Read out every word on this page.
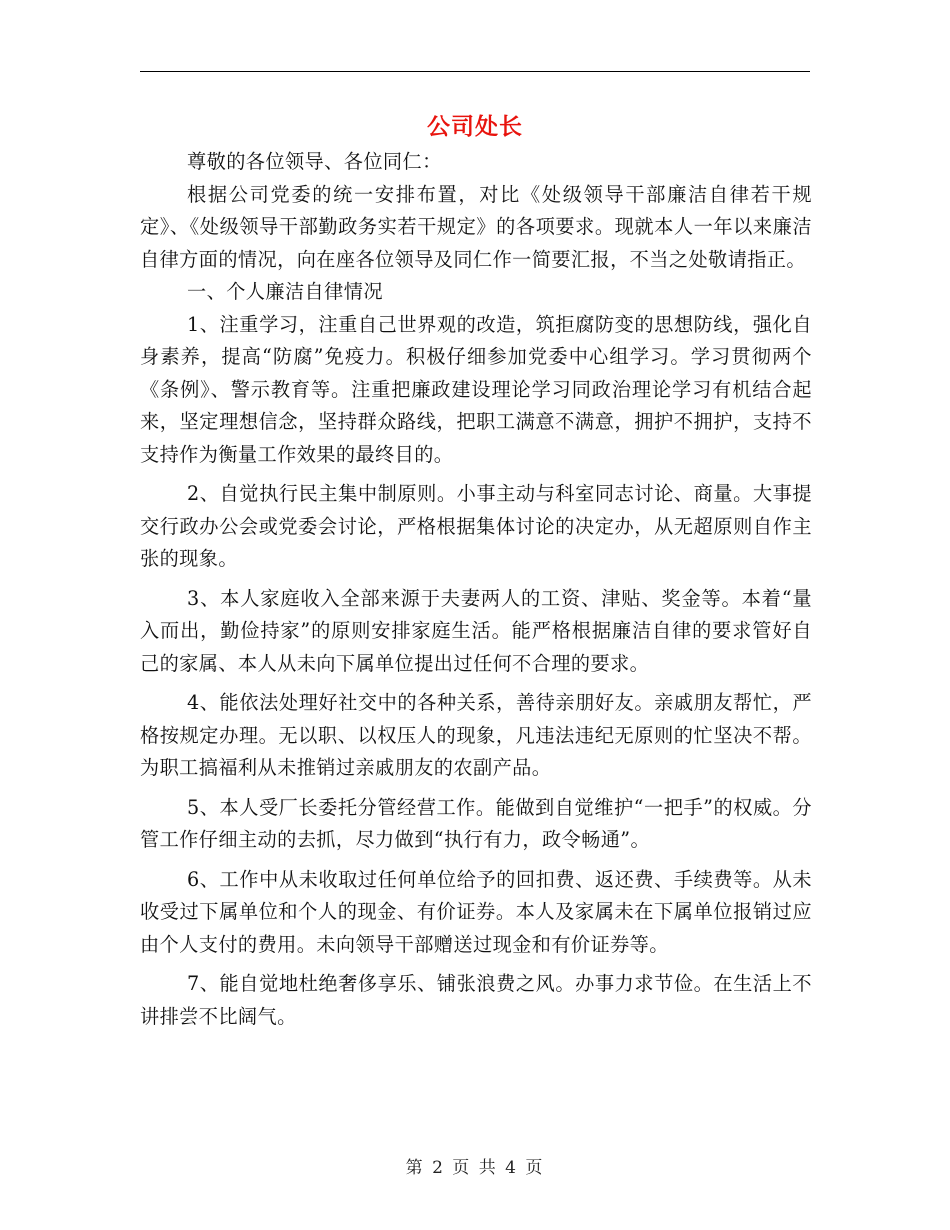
公司处长

尊敬的各位领导、各位同仁：

根据公司党委的统一安排布置，对比《处级领导干部廉洁自律若干规定》、《处级领导干部勤政务实若干规定》的各项要求。现就本人一年以来廉洁自律方面的情况，向在座各位领导及同仁作一简要汇报，不当之处敬请指正。

一、个人廉洁自律情况

1、注重学习，注重自己世界观的改造，筑拒腐防变的思想防线，强化自身素养，提高“防腐”免疫力。积极仔细参加党委中心组学习。学习贯彻两个《条例》、警示教育等。注重把廉政建设理论学习同政治理论学习有机结合起来，坚定理想信念，坚持群众路线，把职工满意不满意，拥护不拥护，支持不支持作为衡量工作效果的最终目的。

2、自觉执行民主集中制原则。小事主动与科室同志讨论、商量。大事提交行政办公会或党委会讨论，严格根据集体讨论的决定办，从无超原则自作主张的现象。

3、本人家庭收入全部来源于夫妻两人的工资、津贴、奖金等。本着“量入而出，勤俭持家”的原则安排家庭生活。能严格根据廉洁自律的要求管好自己的家属、本人从未向下属单位提出过任何不合理的要求。

4、能依法处理好社交中的各种关系，善待亲朋好友。亲戚朋友帮忙，严格按规定办理。无以职、以权压人的现象，凡违法违纪无原则的忙坚决不帮。为职工搞福利从未推销过亲戚朋友的农副产品。

5、本人受厂长委托分管经营工作。能做到自觉维护“一把手”的权威。分管工作仔细主动的去抓，尽力做到“执行有力，政令畅通”。

6、工作中从未收取过任何单位给予的回扣费、返还费、手续费等。从未收受过下属单位和个人的现金、有价证券。本人及家属未在下属单位报销过应由个人支付的费用。未向领导干部赠送过现金和有价证券等。

7、能自觉地杜绝奢侈享乐、铺张浪费之风。办事力求节俭。在生活上不讲排尝不比阔气。

第 2 页 共 4 页
